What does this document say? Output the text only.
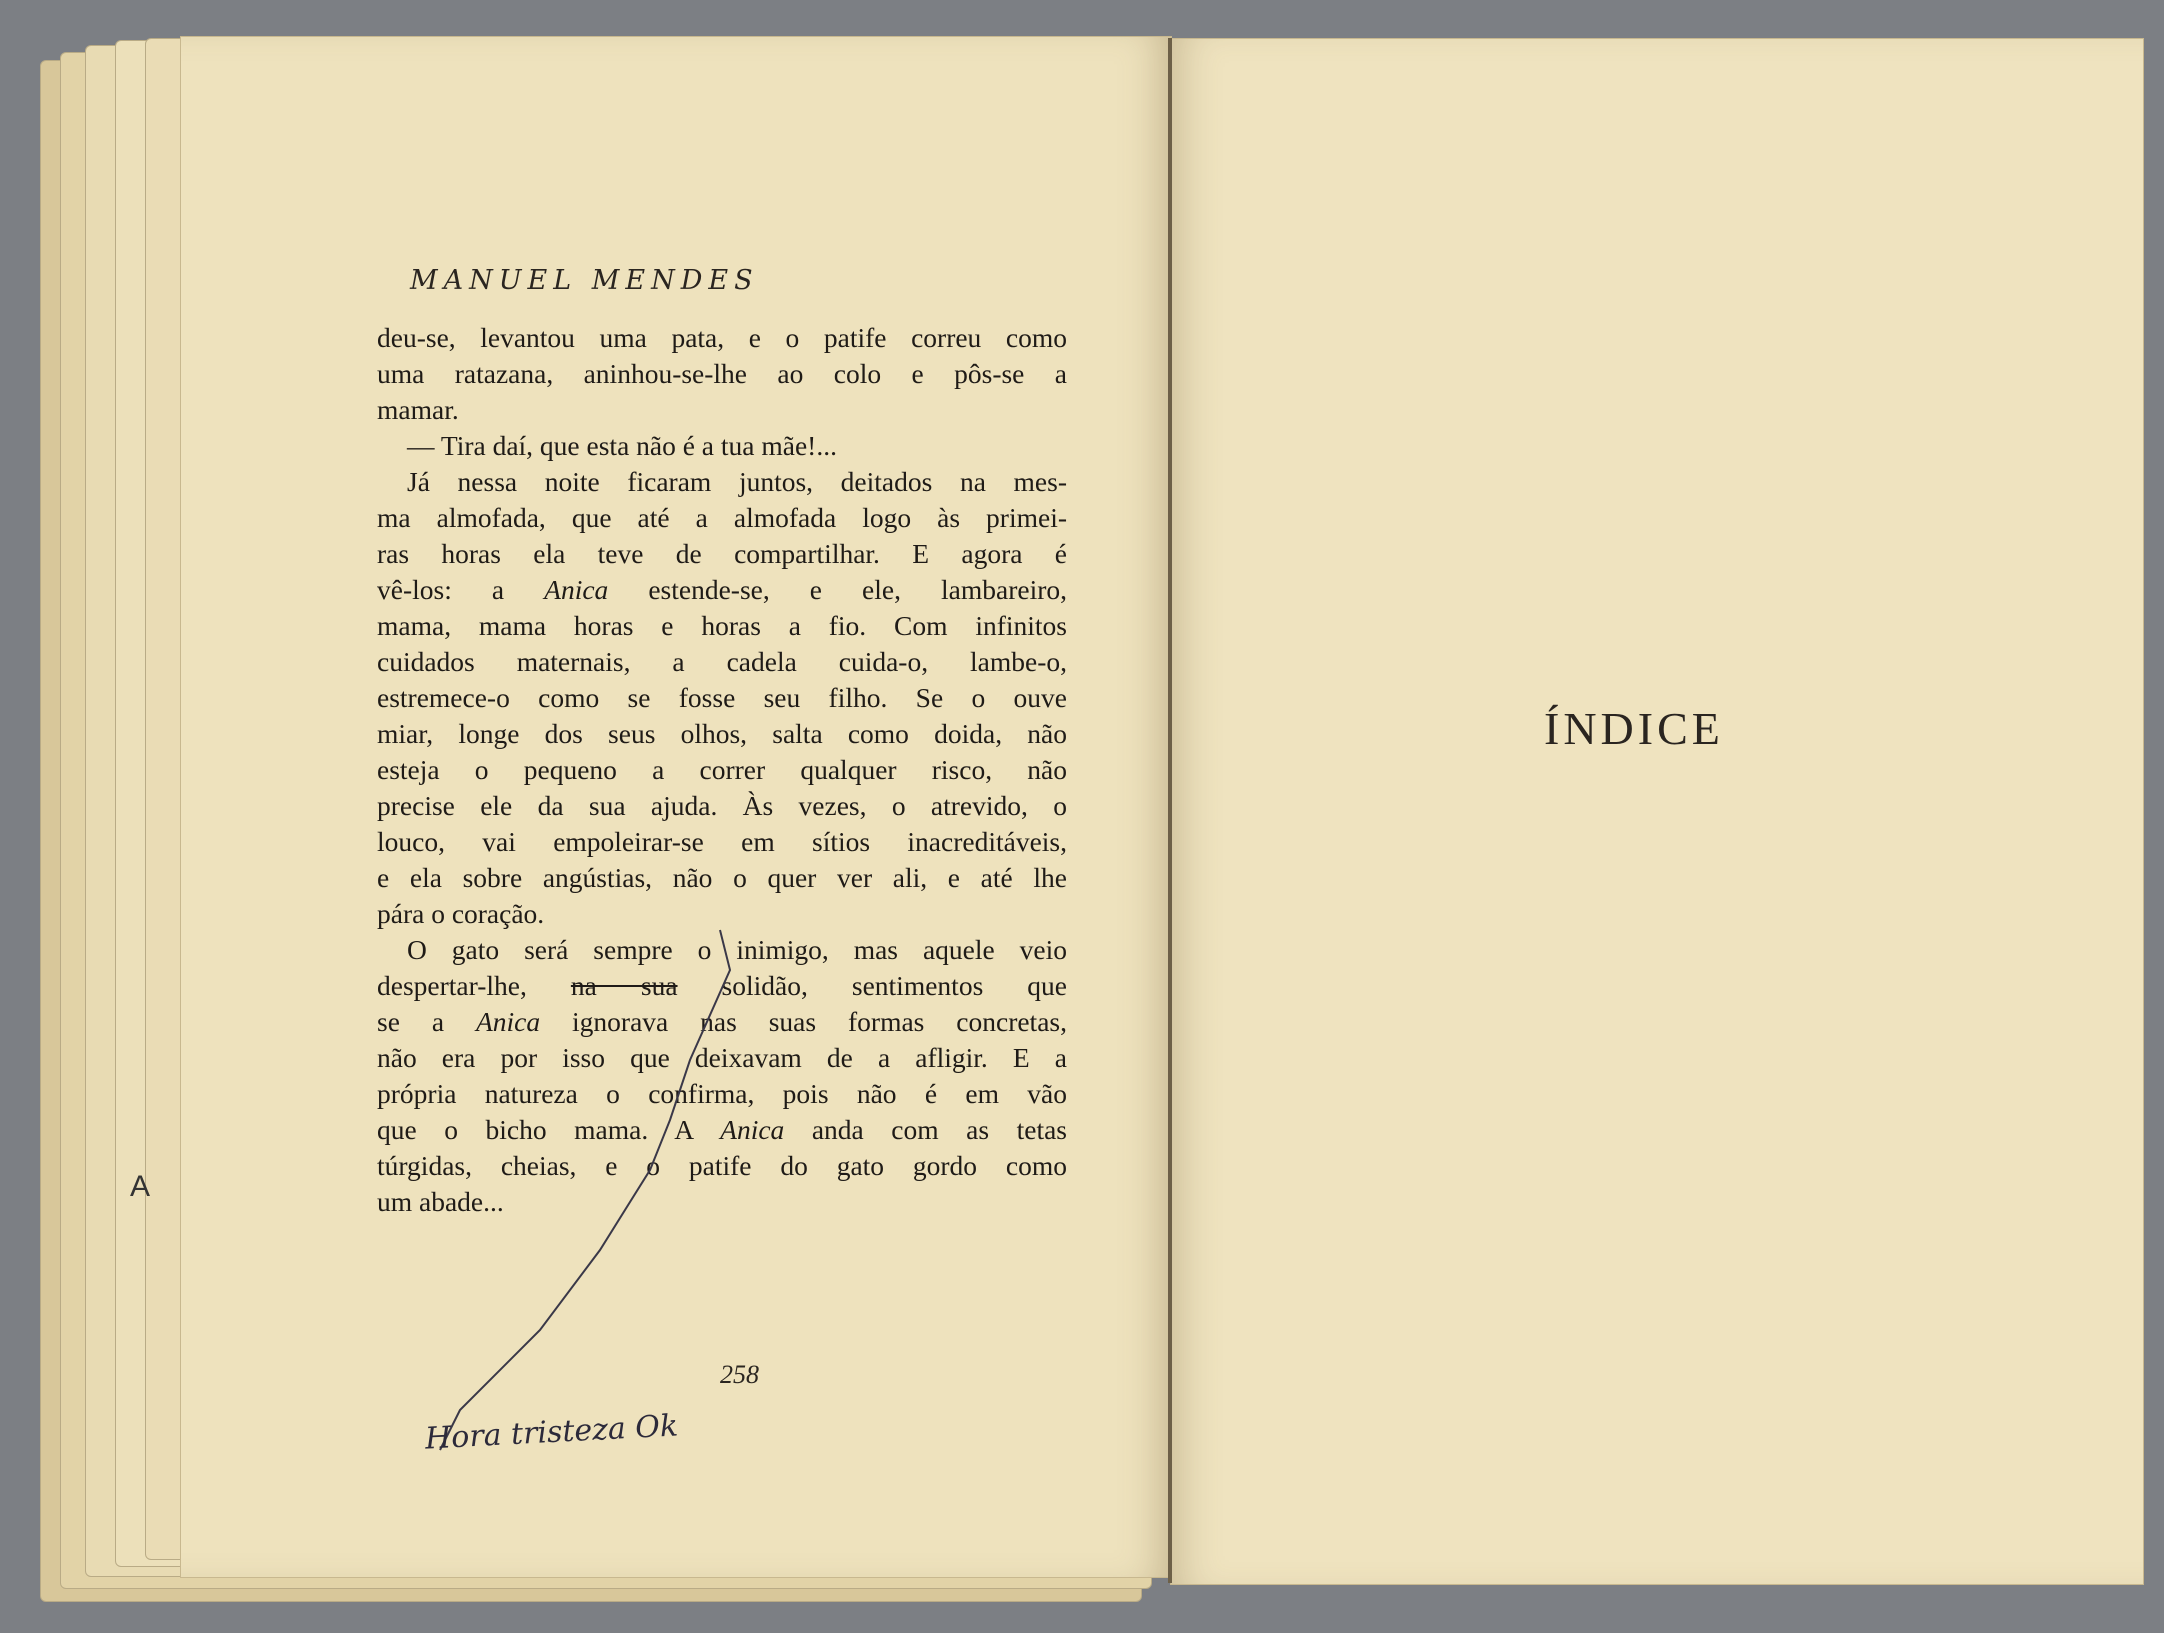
A
MANUEL MENDES

deu-se, levantou uma pata, e o patife correu como

uma ratazana, aninhou-se-lhe ao colo e pôs-se a

mamar.

— Tira daí, que esta não é a tua mãe!...

Já nessa noite ficaram juntos, deitados na mes-

ma almofada, que até a almofada logo às primei-

ras horas ela teve de compartilhar. E agora é

vê-los: a Anica estende-se, e ele, lambareiro,

mama, mama horas e horas a fio. Com infinitos

cuidados maternais, a cadela cuida-o, lambe-o,

estremece-o como se fosse seu filho. Se o ouve

miar, longe dos seus olhos, salta como doida, não

esteja o pequeno a correr qualquer risco, não

precise ele da sua ajuda. Às vezes, o atrevido, o

louco, vai empoleirar-se em sítios inacreditáveis,

e ela sobre angústias, não o quer ver ali, e até lhe

pára o coração.

O gato será sempre o inimigo, mas aquele veio

despertar-lhe, na sua solidão, sentimentos que

se a Anica ignorava nas suas formas concretas,

não era por isso que deixavam de a afligir. E a

própria natureza o confirma, pois não é em vão

que o bicho mama. A Anica anda com as tetas

túrgidas, cheias, e o patife do gato gordo como

um abade...

258
Hora tristeza Ok
ÍNDICE
